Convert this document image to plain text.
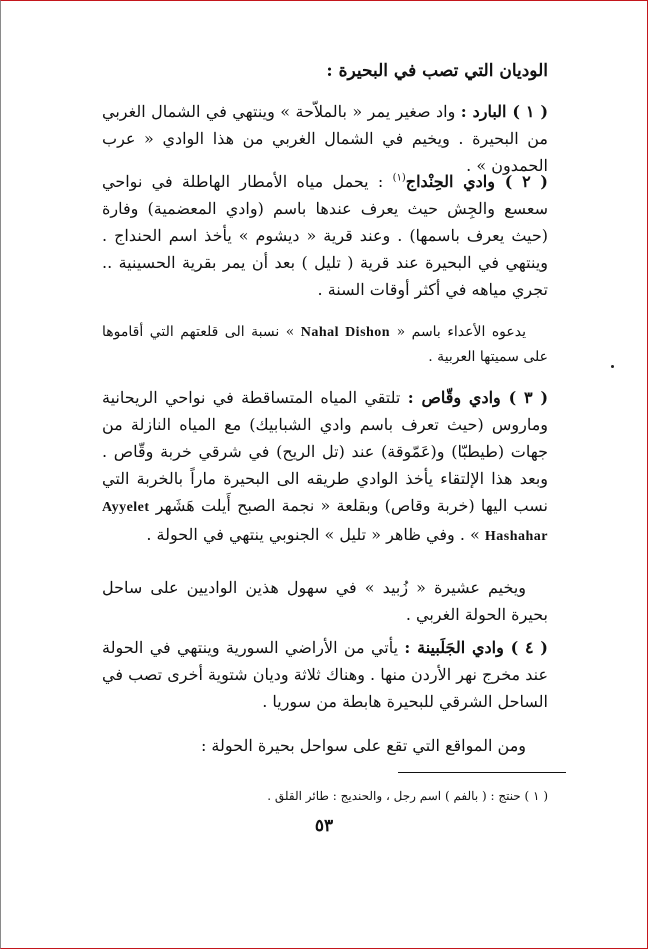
الوديان التي تصب في البحيرة :

( ١ ) البارد : واد صغير يمر « بالملاّحة » وينتهي في الشمال الغربي من البحيرة . ويخيم في الشمال الغربي من هذا الوادي « عرب الحمدون » .

( ٢ ) وادي الحِنْداج$^{(١)}$ : يحمل مياه الأمطار الهاطلة في نواحي سعسع والجِش حيث يعرف عندها باسم (وادي المعضمية) وفارة (حيث يعرف باسمها) . وعند قرية « ديشوم » يأخذ اسم الحنداج . وينتهي في البحيرة عند قرية ( تليل ) بعد أن يمر بقرية الحسينية .. تجري مياهه في أكثر أوقات السنة .

يدعوه الأعداء باسم « Nahal Dishon » نسبة الى قلعتهم التي أقاموها على سميتها العربية .

( ٣ ) وادي وقّاص : تلتقي المياه المتساقطة في نواحي الريحانية وماروس (حيث تعرف باسم وادي الشبابيك) مع المياه النازلة من جهات (طيطبّا) و(عَمّوقة) عند (تل الريح) في شرقي خربة وقّاص . وبعد هذا الإلتقاء يأخذ الوادي طريقه الى البحيرة ماراً بالخربة التي نسب اليها (خربة وقاص) وبقلعة « نجمة الصبح أَيلت هَشَهر Ayyelet Hashahar » . وفي ظاهر « تليل » الجنوبي ينتهي في الحولة .

ويخيم عشيرة « زُبيد » في سهول هذين الواديين على ساحل بحيرة الحولة الغربي .

( ٤ ) وادي الجَلَبينة : يأتي من الأراضي السورية وينتهي في الحولة عند مخرج نهر الأردن منها . وهناك ثلاثة وديان شتوية أخرى تصب في الساحل الشرقي للبحيرة هابطة من سوريا .

ومن المواقع التي تقع على سواحل بحيرة الحولة :

( ١ ) حنتج : ( بالفم ) اسم رجل ، والحنديج : طائر القلق .

٥٣
